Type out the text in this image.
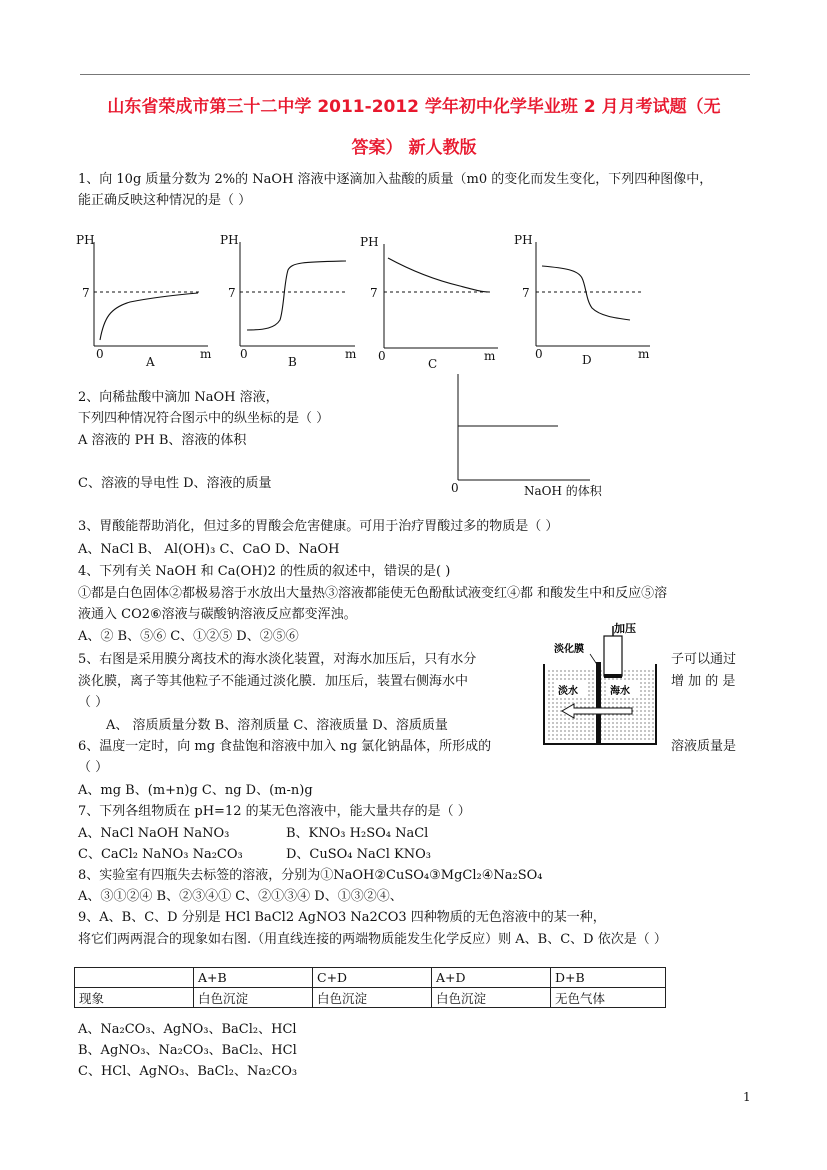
山东省荣成市第三十二中学 2011-2012 学年初中化学毕业班 2 月月考试题（无
答案） 新人教版
1、向 10g 质量分数为 2%的 NaOH 溶液中逐滴加入盐酸的质量（m0 的变化而发生变化，下列四种图像中，
能正确反映这种情况的是（ ）
PH
7
0	m
A
PH
7
0	m
B
PH
7
0	m
C
PH
7
0	m
D
2、向稀盐酸中滴加 NaOH 溶液，
下列四种情况符合图示中的纵坐标的是（ ）
A 溶液的 PH B、溶液的体积
C、溶液的导电性 D、溶液的质量	0	NaOH 的体积
3、胃酸能帮助消化，但过多的胃酸会危害健康。可用于治疗胃酸过多的物质是（ ）
A、NaCl B、 Al(OH)₃ C、CaO D、NaOH
4、下列有关 NaOH 和 Ca(OH)2 的性质的叙述中，错误的是( )
①都是白色固体②都极易溶于水放出大量热③溶液都能使无色酚酞试液变红④都 和酸发生中和反应⑤溶
液通入 CO2⑥溶液与碳酸钠溶液反应都变浑浊。
A、② B、⑤⑥ C、①②⑤ D、②⑤⑥
5、右图是采用膜分离技术的海水淡化装置，对海水加压后，只有水分	子可以通过
淡化膜，离子等其他粒子不能通过淡化膜．加压后，装置右侧海水中	增 加 的 是
（ ）
A、 溶质质量分数 B、溶剂质量 C、溶液质量 D、溶质质量
加压
淡化膜
淡水	海水
6、温度一定时，向 mg 食盐饱和溶液中加入 ng 氯化钠晶体，所形成的	溶液质量是
（ ）
A、mg B、(m+n)g C、ng D、(m-n)g
7、下列各组物质在 pH=12 的某无色溶液中，能大量共存的是（ ）
A、NaCl NaOH NaNO₃	B、KNO₃ H₂SO₄ NaCl
C、CaCl₂ NaNO₃ Na₂CO₃	D、CuSO₄ NaCl KNO₃
8、实验室有四瓶失去标签的溶液，分别为①NaOH②CuSO₄③MgCl₂④Na₂SO₄
A、③①②④ B、②③④① C、②①③④ D、①③②④、
9、A、B、C、D 分别是 HCl BaCl2 AgNO3 Na2CO3 四种物质的无色溶液中的某一种，
将它们两两混合的现象如右图.（用直线连接的两端物质能发生化学反应）则 A、B、C、D 依次是（ ）
	A+B	C+D	A+D	D+B
现象	白色沉淀	白色沉淀	白色沉淀	无色气体
A、Na₂CO₃、AgNO₃、BaCl₂、HCl
B、AgNO₃、Na₂CO₃、BaCl₂、HCl
C、HCl、AgNO₃、BaCl₂、Na₂CO₃
1
